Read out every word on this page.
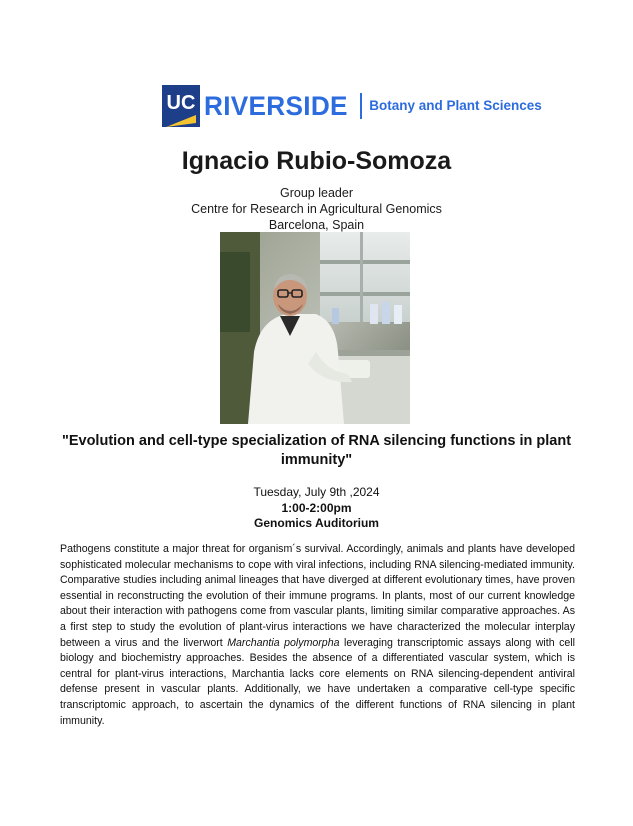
UC RIVERSIDE Botany and Plant Sciences
Ignacio Rubio-Somoza
Group leader
Centre for Research in Agricultural Genomics
Barcelona, Spain
"Evolution and cell-type specialization of RNA silencing functions in plant immunity"
Tuesday, July 9th ,2024
1:00-2:00pm
Genomics Auditorium
Pathogens constitute a major threat for organism´s survival. Accordingly, animals and plants have developed sophisticated molecular mechanisms to cope with viral infections, including RNA silencing-mediated immunity. Comparative studies including animal lineages that have diverged at different evolutionary times, have proven essential in reconstructing the evolution of their immune programs. In plants, most of our current knowledge about their interaction with pathogens come from vascular plants, limiting similar comparative approaches. As a first step to study the evolution of plant-virus interactions we have characterized the molecular interplay between a virus and the liverwort Marchantia polymorpha leveraging transcriptomic assays along with cell biology and biochemistry approaches. Besides the absence of a differentiated vascular system, which is central for plant-virus interactions, Marchantia lacks core elements on RNA silencing-dependent antiviral defense present in vascular plants. Additionally, we have undertaken a comparative cell-type specific transcriptomic approach, to ascertain the dynamics of the different functions of RNA silencing in plant immunity.
